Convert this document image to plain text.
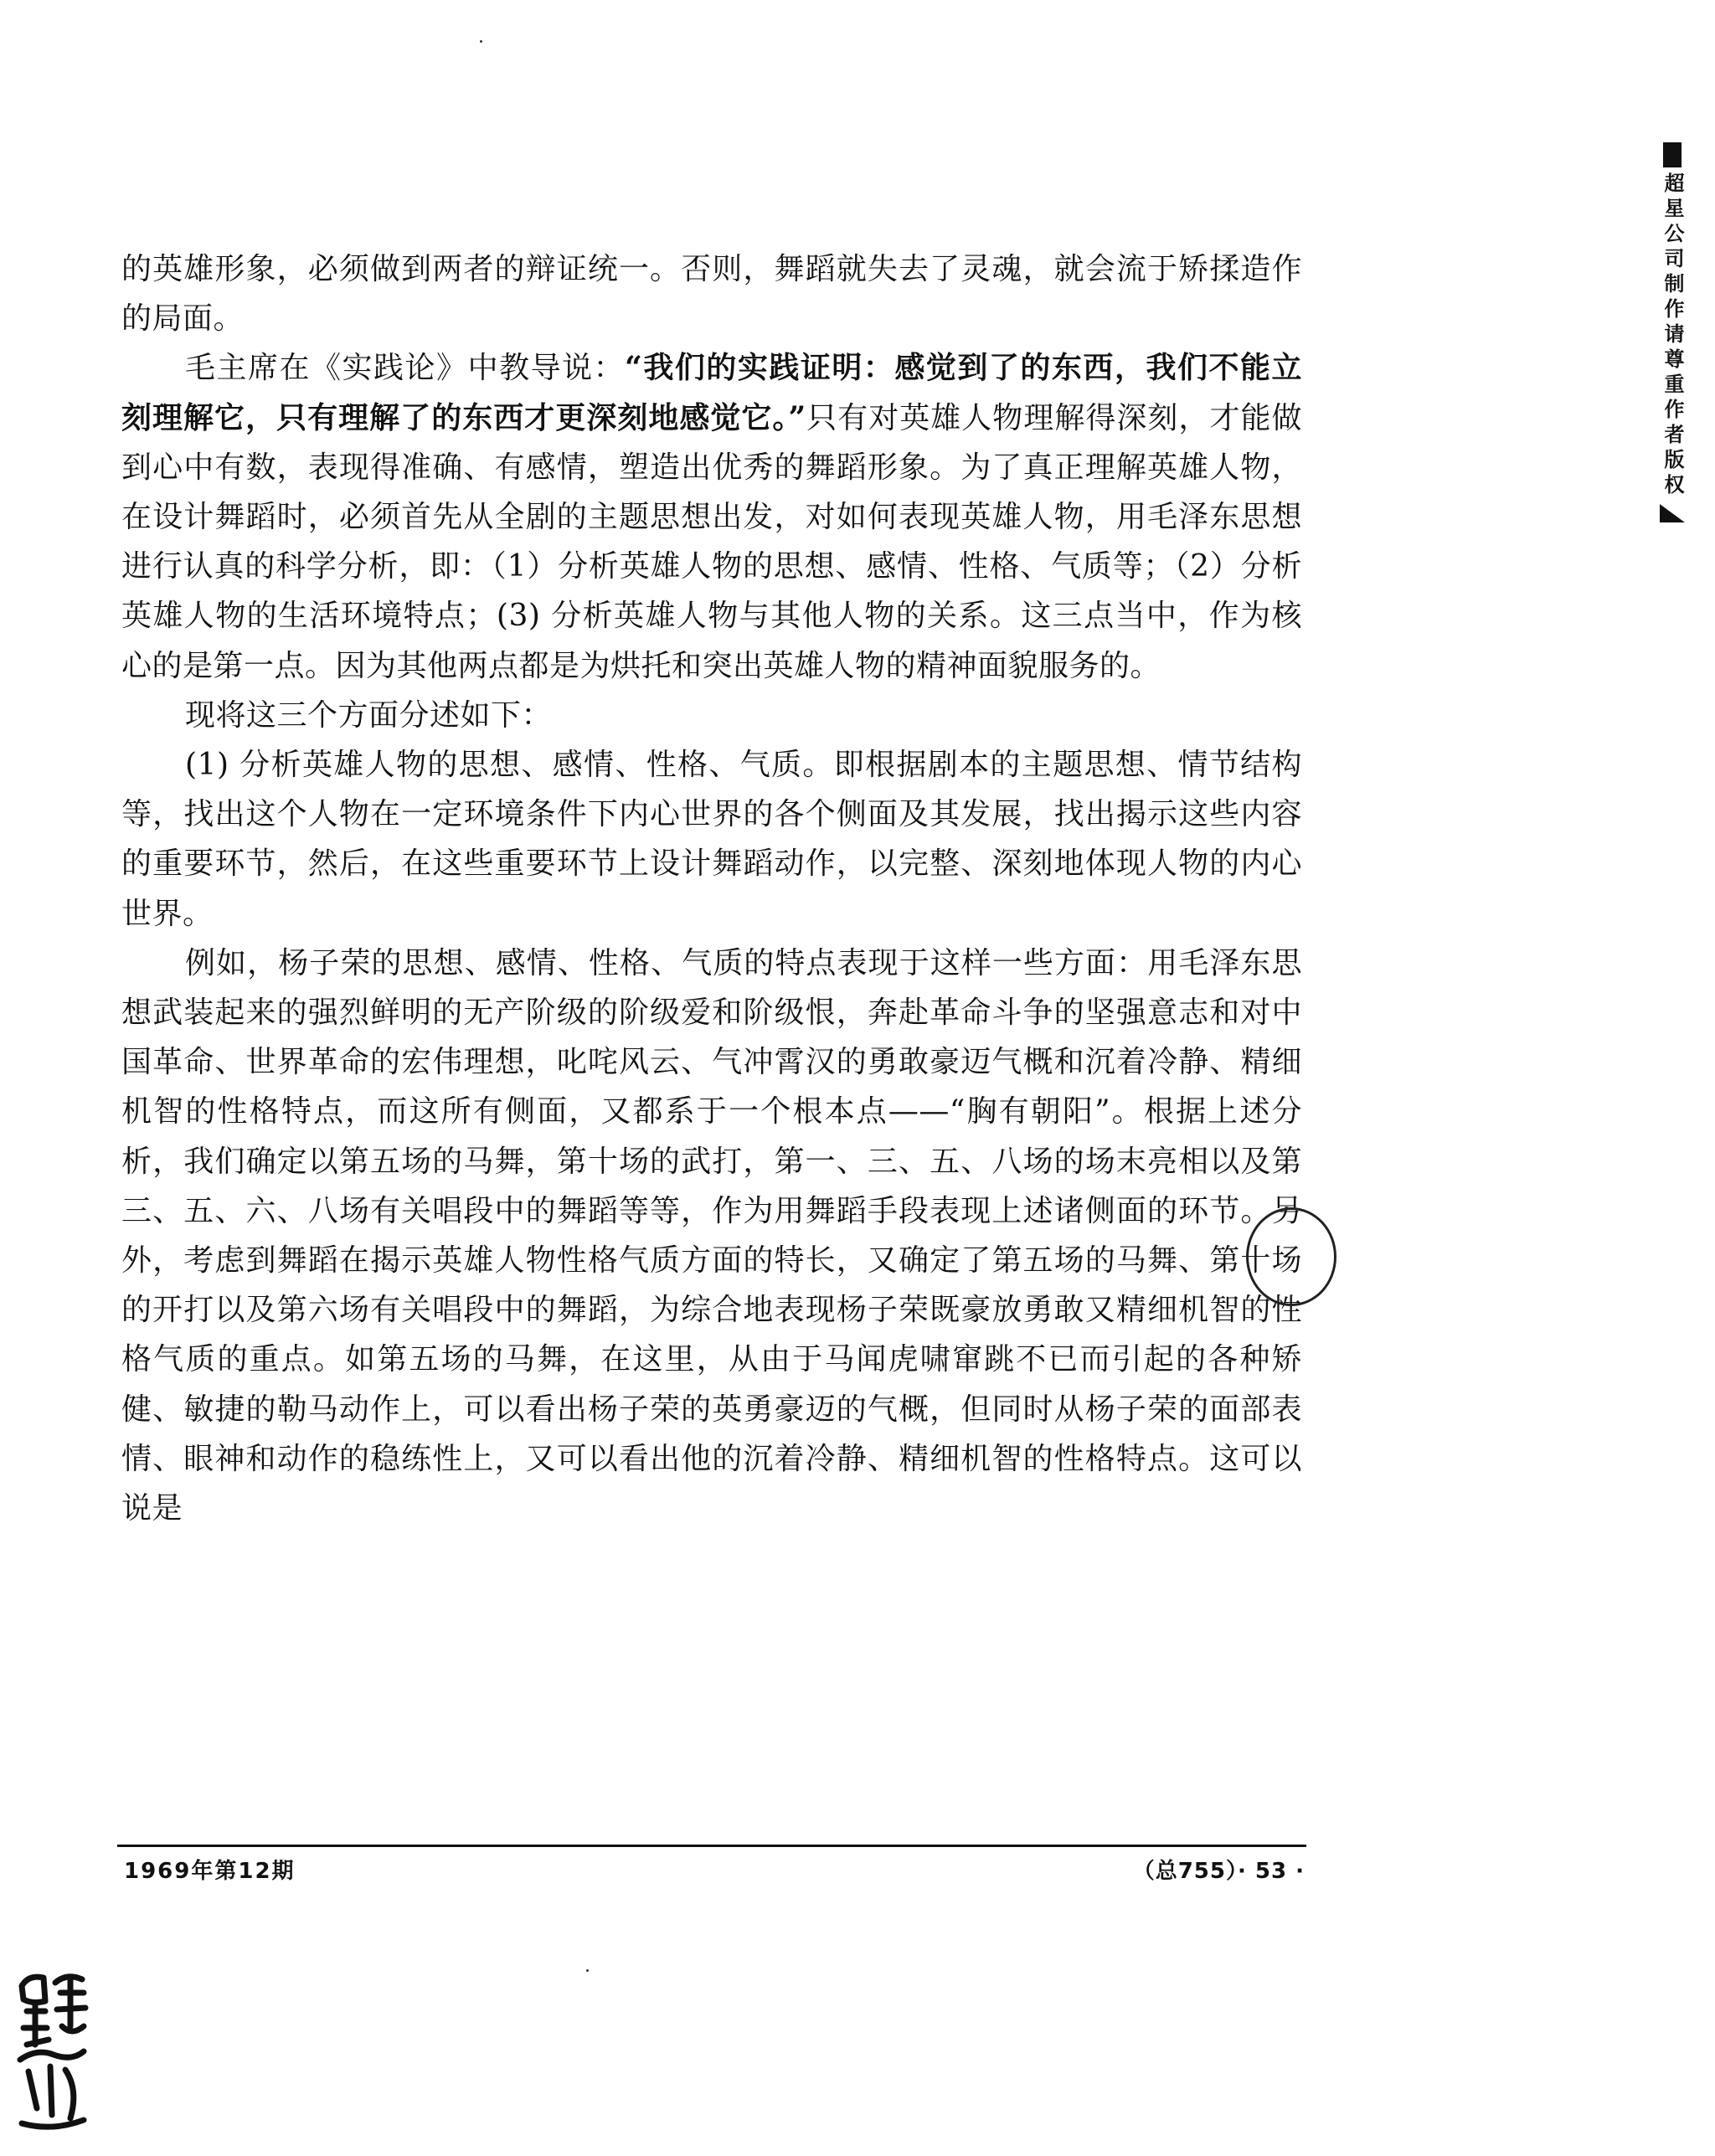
超星公司制作请尊重作者版权

的英雄形象，必须做到两者的辩证统一。否则，舞蹈就失去了灵魂，就会流于矫揉造作的局面。

毛主席在《实践论》中教导说：“我们的实践证明：感觉到了的东西，我们不能立刻理解它，只有理解了的东西才更深刻地感觉它。”只有对英雄人物理解得深刻，才能做到心中有数，表现得准确、有感情，塑造出优秀的舞蹈形象。为了真正理解英雄人物，在设计舞蹈时，必须首先从全剧的主题思想出发，对如何表现英雄人物，用毛泽东思想进行认真的科学分析，即：（1）分析英雄人物的思想、感情、性格、气质等；（2）分析英雄人物的生活环境特点；(3) 分析英雄人物与其他人物的关系。这三点当中，作为核心的是第一点。因为其他两点都是为烘托和突出英雄人物的精神面貌服务的。

现将这三个方面分述如下：

(1) 分析英雄人物的思想、感情、性格、气质。即根据剧本的主题思想、情节结构等，找出这个人物在一定环境条件下内心世界的各个侧面及其发展，找出揭示这些内容的重要环节，然后，在这些重要环节上设计舞蹈动作，以完整、深刻地体现人物的内心世界。

例如，杨子荣的思想、感情、性格、气质的特点表现于这样一些方面：用毛泽东思想武装起来的强烈鲜明的无产阶级的阶级爱和阶级恨，奔赴革命斗争的坚强意志和对中国革命、世界革命的宏伟理想，叱咤风云、气冲霄汉的勇敢豪迈气概和沉着冷静、精细机智的性格特点，而这所有侧面，又都系于一个根本点——“胸有朝阳”。根据上述分析，我们确定以第五场的马舞，第十场的武打，第一、三、五、八场的场末亮相以及第三、五、六、八场有关唱段中的舞蹈等等，作为用舞蹈手段表现上述诸侧面的环节。另外，考虑到舞蹈在揭示英雄人物性格气质方面的特长，又确定了第五场的马舞、第十场的开打以及第六场有关唱段中的舞蹈，为综合地表现杨子荣既豪放勇敢又精细机智的性格气质的重点。如第五场的马舞，在这里，从由于马闻虎啸窜跳不已而引起的各种矫健、敏捷的勒马动作上，可以看出杨子荣的英勇豪迈的气概，但同时从杨子荣的面部表情、眼神和动作的稳练性上，又可以看出他的沉着冷静、精细机智的性格特点。这可以说是

1969年第12期	（总755）· 53 ·
